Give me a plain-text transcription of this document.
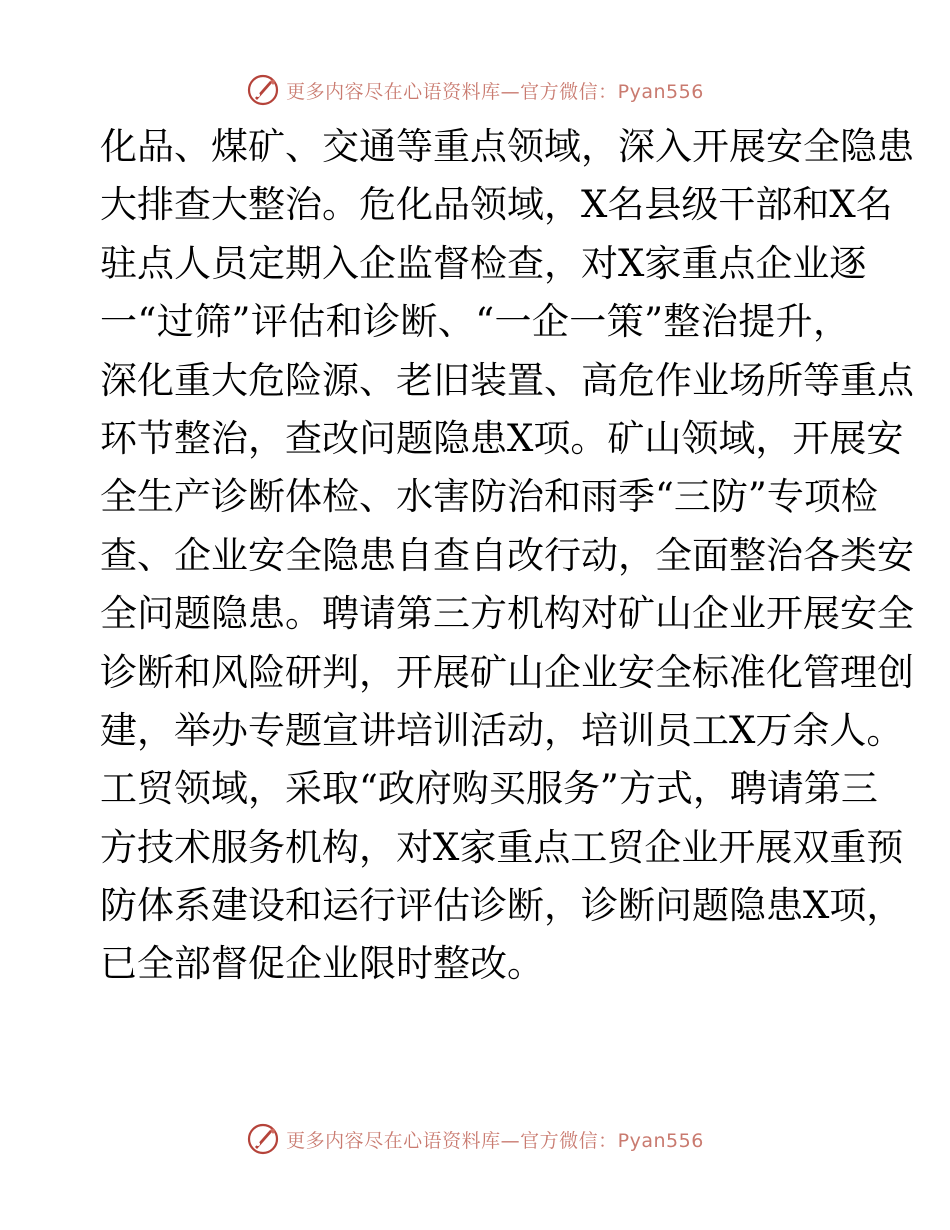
更多内容尽在心语资料库—官方微信：Pyan556
化品、煤矿、交通等重点领域，深入开展安全隐患
大排查大整治。危化品领域，X名县级干部和X名
驻点人员定期入企监督检查，对X家重点企业逐
一“过筛”评估和诊断、“一企一策”整治提升，
深化重大危险源、老旧装置、高危作业场所等重点
环节整治，查改问题隐患X项。矿山领域，开展安
全生产诊断体检、水害防治和雨季“三防”专项检
查、企业安全隐患自查自改行动，全面整治各类安
全问题隐患。聘请第三方机构对矿山企业开展安全
诊断和风险研判，开展矿山企业安全标准化管理创
建，举办专题宣讲培训活动，培训员工X万余人。
工贸领域，采取“政府购买服务”方式，聘请第三
方技术服务机构，对X家重点工贸企业开展双重预
防体系建设和运行评估诊断，诊断问题隐患X项，
已全部督促企业限时整改。
更多内容尽在心语资料库—官方微信：Pyan556
